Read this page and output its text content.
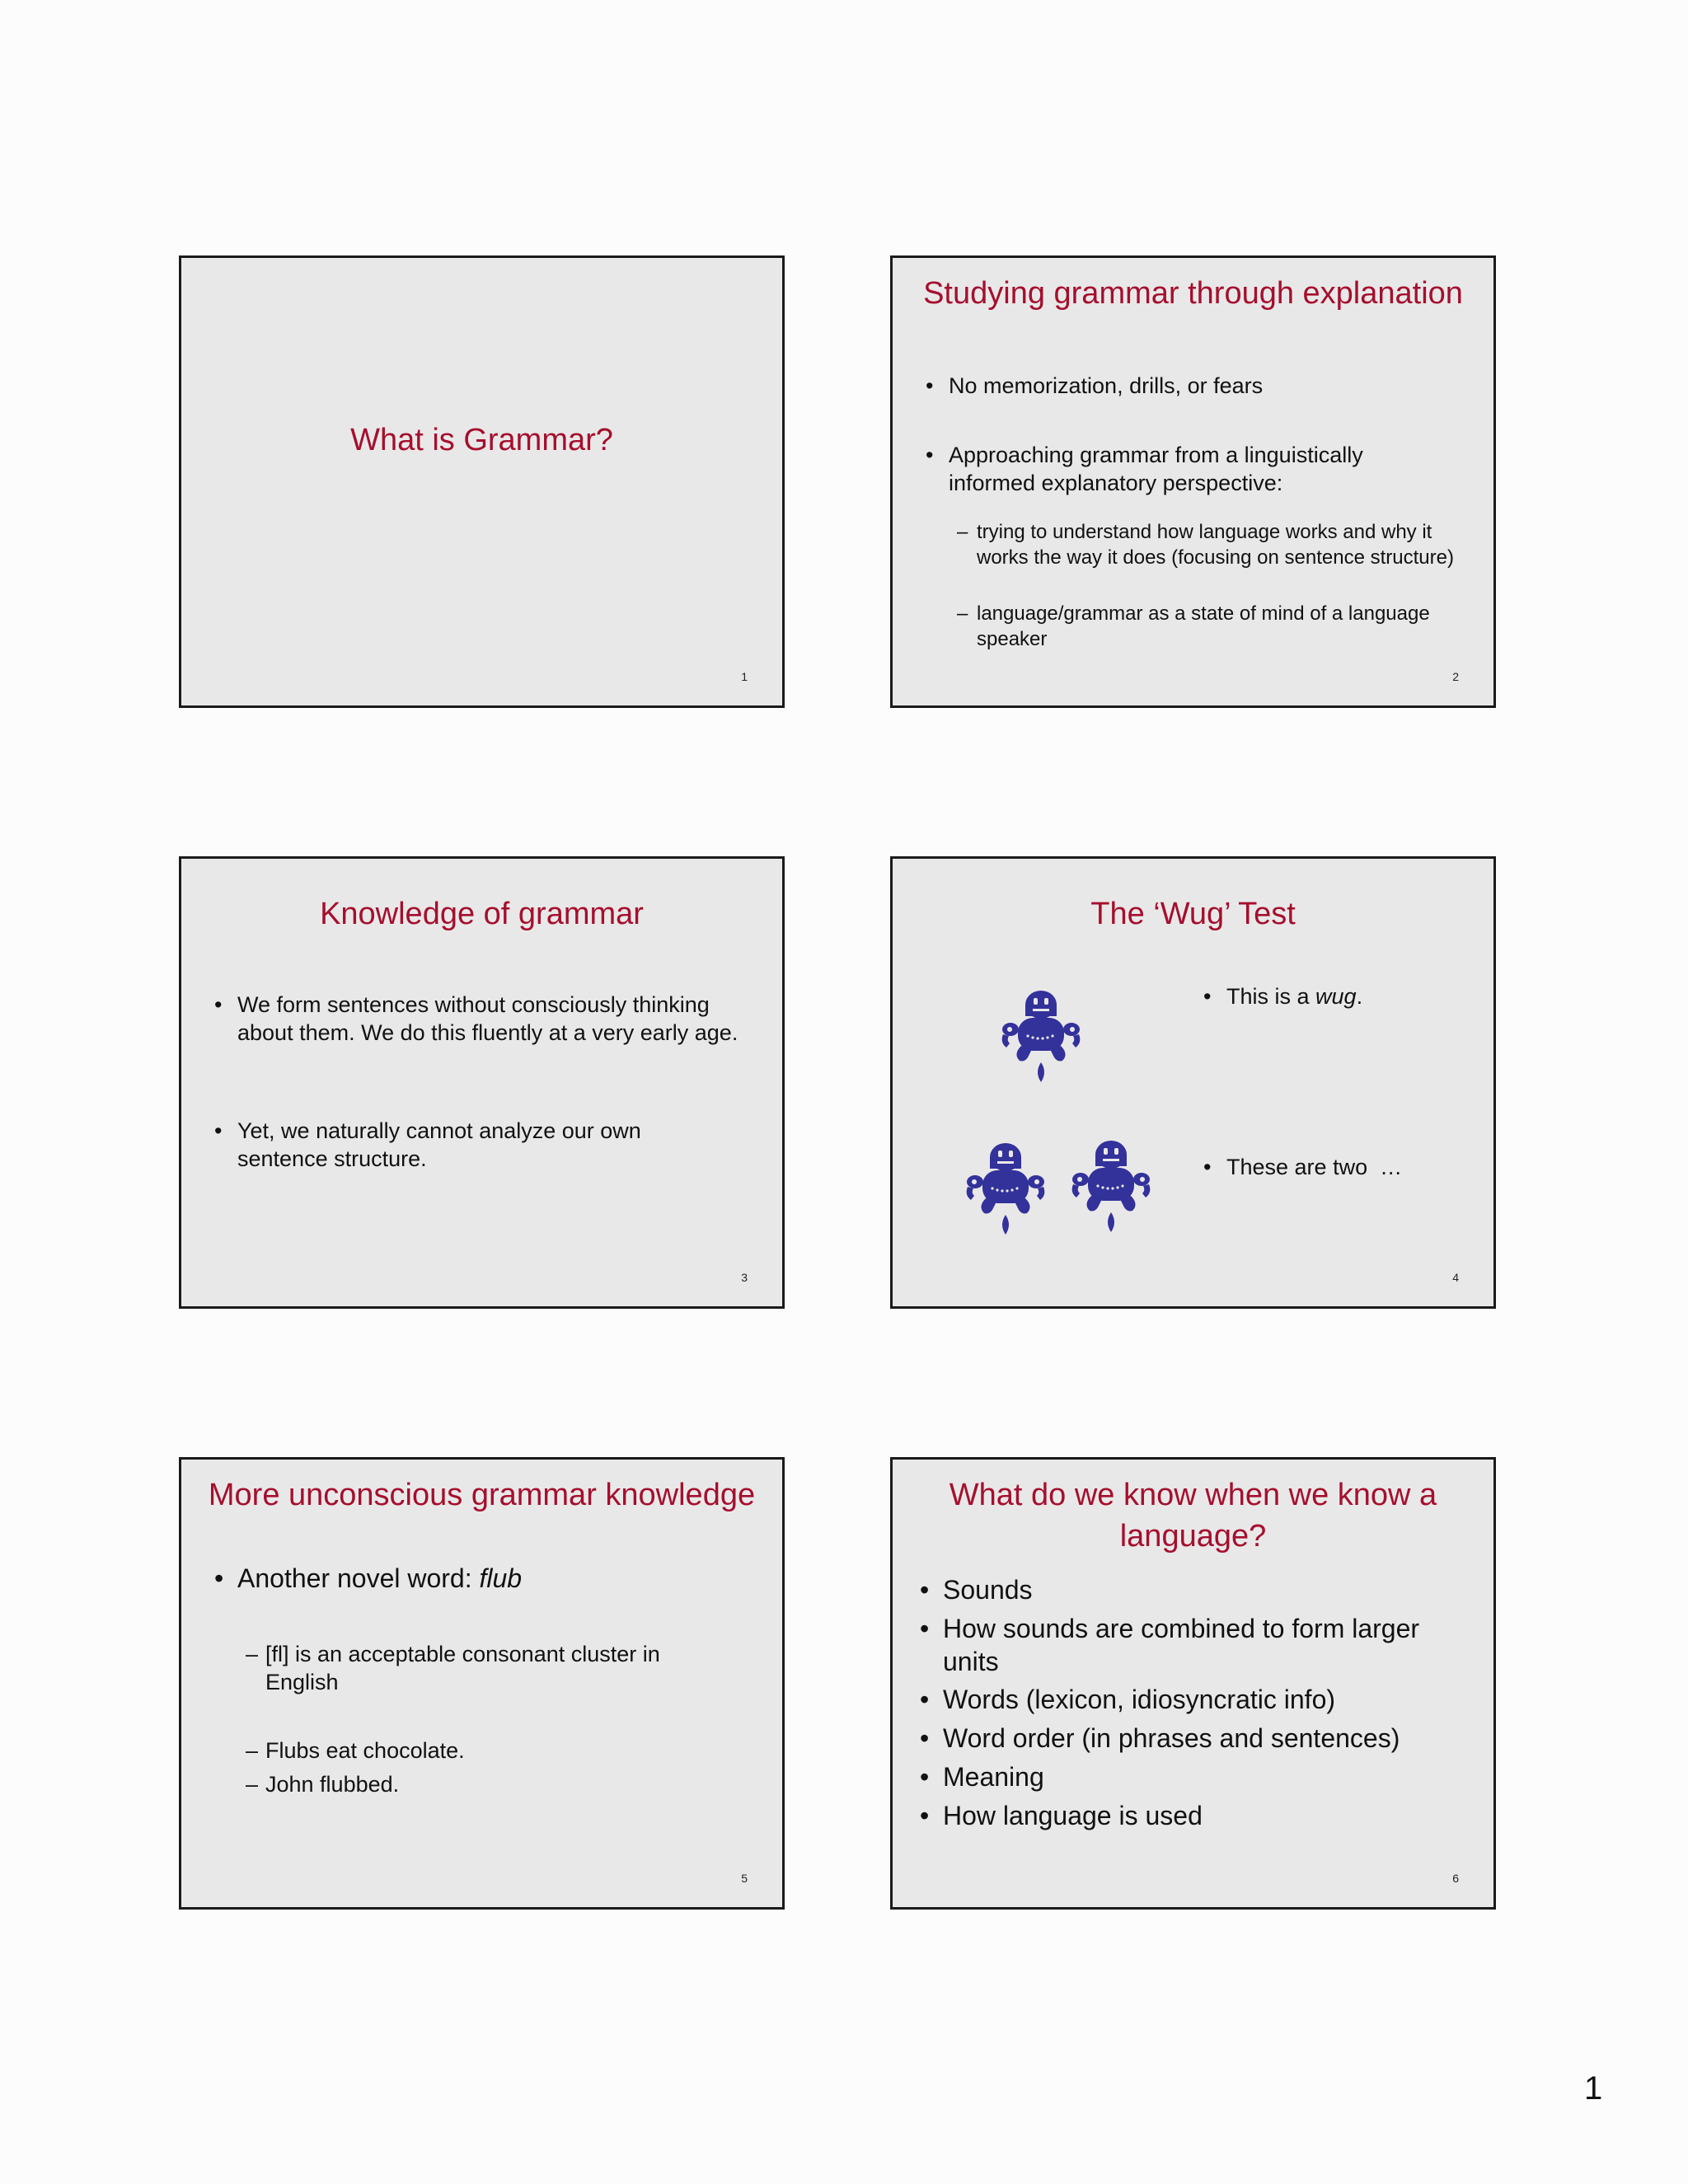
What is Grammar?
1
Studying grammar through explanation
• No memorization, drills, or fears
• Approaching grammar from a linguistically informed explanatory perspective:
– trying to understand how language works and why it works the way it does (focusing on sentence structure)
– language/grammar as a state of mind of a language speaker
2
Knowledge of grammar
• We form sentences without consciously thinking about them. We do this fluently at a very early age.
• Yet, we naturally cannot analyze our own sentence structure.
3
The ‘Wug’ Test
• This is a wug.
• These are two  …
4
More unconscious grammar knowledge
• Another novel word: flub
– [fl] is an acceptable consonant cluster in English
– Flubs eat chocolate.
– John flubbed.
5
What do we know when we know a language?
• Sounds
• How sounds are combined to form larger units
• Words (lexicon, idiosyncratic info)
• Word order (in phrases and sentences)
• Meaning
• How language is used
6
1
